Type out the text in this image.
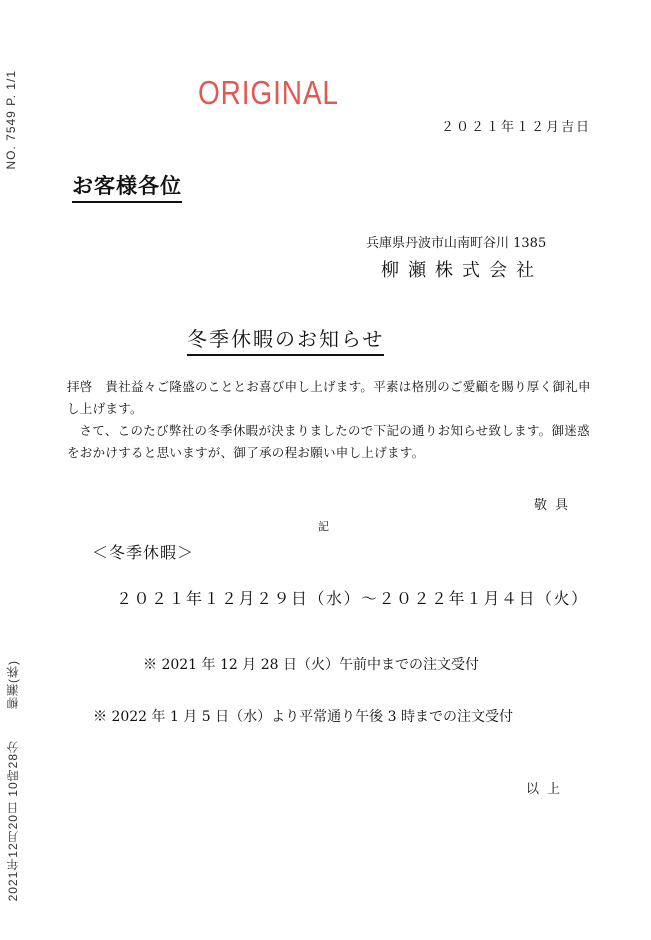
NO. 7549 P. 1/1
柳瀬(株)
2021年12月20日 10時28分
ORIGINAL
２０２１年１２月吉日
お客様各位
兵庫県丹波市山南町谷川 1385
柳瀬株式会社
冬季休暇のお知らせ

拝啓　貴社益々ご隆盛のこととお喜び申し上げます。平素は格別のご愛顧を賜り厚く御礼申し上げます。

さて、このたび弊社の冬季休暇が決まりましたので下記の通りお知らせ致します。御迷惑をおかけすると思いますが、御了承の程お願い申し上げます。

敬具
記
＜冬季休暇＞
２０２１年１２月２９日（水）～２０２２年１月４日（火）
※ 2021 年 12 月 28 日（火）午前中までの注文受付
※ 2022 年 1 月 5 日（水）より平常通り午後 3 時までの注文受付
以上
